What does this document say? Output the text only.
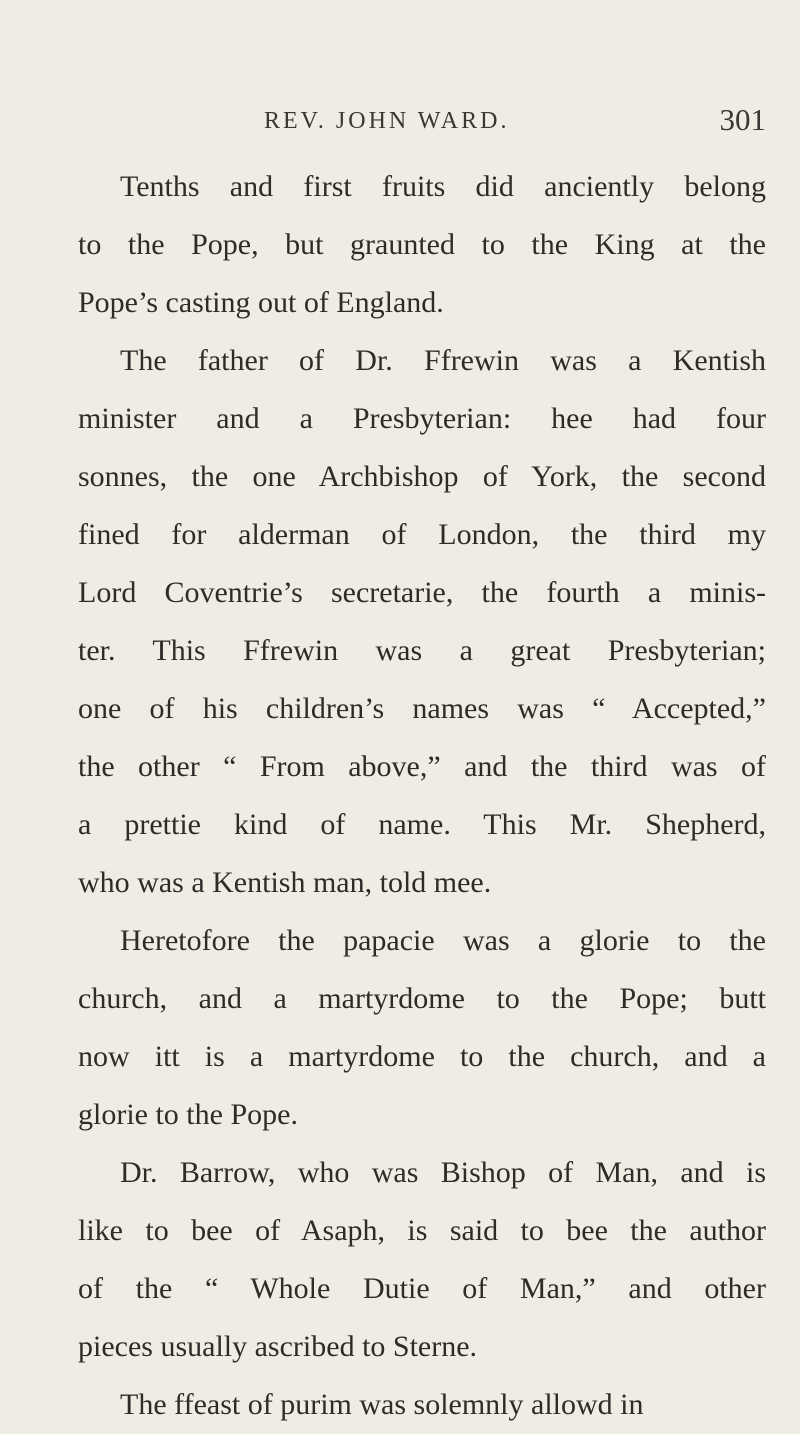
REV. JOHN WARD.	301
Tenths and first fruits did anciently belong
to the Pope, but graunted to the King at the
Pope’s casting out of England.
The father of Dr. Ffrewin was a Kentish
minister and a Presbyterian: hee had four
sonnes, the one Archbishop of York, the second
fined for alderman of London, the third my
Lord Coventrie’s secretarie, the fourth a minis-
ter. This Ffrewin was a great Presbyterian;
one of his children’s names was “ Accepted,”
the other “ From above,” and the third was of
a prettie kind of name. This Mr. Shepherd,
who was a Kentish man, told mee.
Heretofore the papacie was a glorie to the
church, and a martyrdome to the Pope; butt
now itt is a martyrdome to the church, and a
glorie to the Pope.
Dr. Barrow, who was Bishop of Man, and is
like to bee of Asaph, is said to bee the author
of the “ Whole Dutie of Man,” and other
pieces usually ascribed to Sterne.
The ffeast of purim was solemnly allowd in
